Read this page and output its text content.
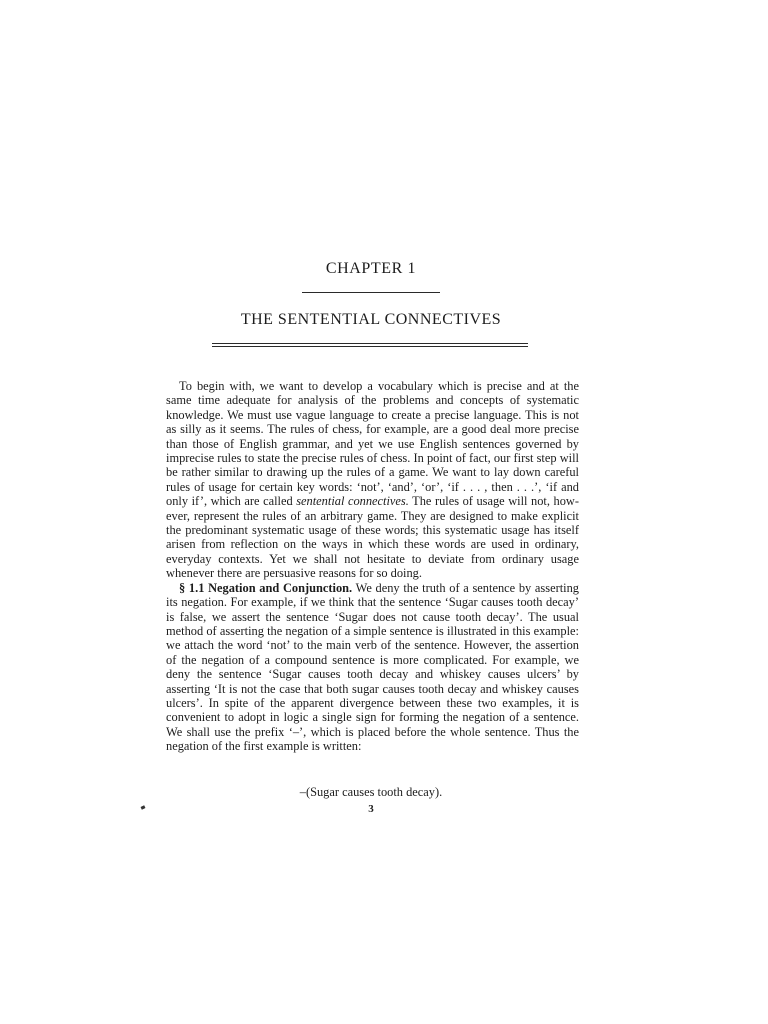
CHAPTER 1
THE SENTENTIAL CONNECTIVES

To begin with, we want to develop a vocabulary which is precise and at the same time adequate for analysis of the problems and concepts of systematic knowledge. We must use vague language to create a precise language. This is not as silly as it seems. The rules of chess, for example, are a good deal more precise than those of English grammar, and yet we use English sentences governed by imprecise rules to state the precise rules of chess. In point of fact, our first step will be rather similar to drawing up the rules of a game. We want to lay down careful rules of usage for certain key words: ‘not’, ‘and’, ‘or’, ‘if . . . , then . . .’, ‘if and only if’, which are called sentential connectives. The rules of usage will not, however, represent the rules of an arbitrary game. They are designed to make explicit the predominant systematic usage of these words; this systematic usage has itself arisen from reflection on the ways in which these words are used in ordinary, everyday contexts. Yet we shall not hesitate to deviate from ordinary usage whenever there are persuasive reasons for so doing.

§ 1.1 Negation and Conjunction. We deny the truth of a sentence by asserting its negation. For example, if we think that the sentence ‘Sugar causes tooth decay’ is false, we assert the sentence ‘Sugar does not cause tooth decay’. The usual method of asserting the negation of a simple sentence is illustrated in this example: we attach the word ‘not’ to the main verb of the sentence. However, the assertion of the negation of a compound sentence is more complicated. For example, we deny the sentence ‘Sugar causes tooth decay and whiskey causes ulcers’ by asserting ‘It is not the case that both sugar causes tooth decay and whiskey causes ulcers’. In spite of the apparent divergence between these two examples, it is convenient to adopt in logic a single sign for forming the negation of a sentence. We shall use the prefix ‘–’, which is placed before the whole sentence. Thus the negation of the first example is written:

–(Sugar causes tooth decay).
3
